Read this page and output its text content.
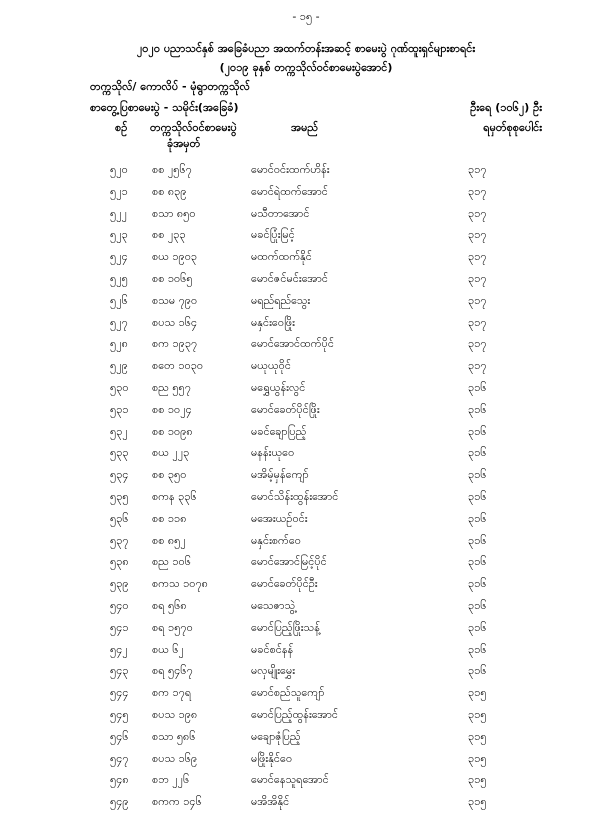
- ၁၅ -
၂၀၂၀ ပညာသင်နှစ် အခြေခံပညာ အထက်တန်းအဆင့် စာမေးပွဲ ဂုဏ်ထူးရှင်များစာရင်း
(၂၀၁၉ ခုနှစ် တက္ကသိုလ်ဝင်စာမေးပွဲအောင်)
တက္ကသိုလ်/ ကောလိပ် - မုံရွာတက္ကသိုလ်
စာတွေ့ပြစာမေးပွဲ - သမိုင်း(အခြေခံ)	ဦးရေ (၁၀၆၂) ဦး
စဉ် တက္ကသိုလ်ဝင်စာမေးပွဲ
ခုံအမှတ်
အမည်	ရမှတ်စုစုပေါင်း
၅၂၀ စစ ၂၅၆၇	မောင်ဝင်းထက်ဟိန်း	၃၁၇
၅၂၁ စစ ၈၃၉	မောင်ရဲထက်အောင်	၃၁၇
၅၂၂ စသာ ၈၅၀	မသီတာအောင်	၃၁၇
၅၂၃ စစ ၂၃၃	မခင်ပြုံးမြင့်	၃၁၇
၅၂၄ စယ ၁၉၀၃	မထက်ထက်နိုင်	၃၁၇
၅၂၅ စစ ၁၀၆၅	မောင်ဇင်မင်းအောင်	၃၁၇
၅၂၆ စသမ ၇၉၀	မရည်ရည်သွေး	၃၁၇
၅၂၇ စပသ ၁၆၄	မနှင်းဝေဖြိုး	၃၁၇
၅၂၈ စက ၁၉၃၇	မောင်အောင်ထက်ပိုင်	၃၁၇
၅၂၉ စတေ ၁၀၃၀	မယုယုဝိုင်	၃၁၇
၅၃၀ စည ၅၅၇	မရွှေယွန်းလွင်	၃၁၆
၅၃၁ စစ ၁၀၂၄	မောင်ခေတ်ပိုင်ဖြိုး	၃၁၆
၅၃၂ စစ ၁၀၉၈	မခင်ချောပြည့်	၃၁၆
၅၃၃ စယ ၂၂၃	မနန်းယုဝေ	၃၁၆
၅၃၄ စစ ၃၅၀	မအိမ့်မှန်ကျော်	၃၁၆
၅၃၅ စကန ၃၃၆	မောင်သိန်းထွန်းအောင်	၃၁၆
၅၃၆ စစ ၁၁၈	မအေးယဉ်ဝင်း	၃၁၆
၅၃၇ စစ ၈၅၂	မနှင်းစက်ဝေ	၃၁၆
၅၃၈ စည ၁၀၆	မောင်အောင်မြင့်ပိုင်	၃၁၆
၅၃၉ စကသ ၁၀၇၈	မောင်ခေတ်ပိုင်ဦး	၃၁၆
၅၄၀ စရ ၅၆၈	မသေဇာသွဲ့	၃၁၆
၅၄၁ စရ ၁၅၇၀	မောင်ပြည့်ဖြိုးသန့်	၃၁၆
၅၄၂ စယ ၆၂	မခင်စင်နန်	၃၁၆
၅၄၃ စရ ၅၄၆၇	မလှမျိုးမွှေး	၃၁၆
၅၄၄ စက ၁၇ရ	မောင်စည်သူကျော်	၃၁၅
၅၄၅ စပသ ၁၉၈	မောင်ပြည့်ထွန်းအောင်	၃၁၅
၅၄၆ စသာ ၅၈၆	မချောဇုံပြည့်	၃၁၅
၅၄၇ စပသ ၁၆၉	မဖြိုးနိုင်ဝေ	၃၁၅
၅၄၈ စဘ ၂၂၆	မောင်နေသူရအောင်	၃၁၅
၅၄၉ စကက ၁၄၆	မအိအိနိုင်	၃၁၅
